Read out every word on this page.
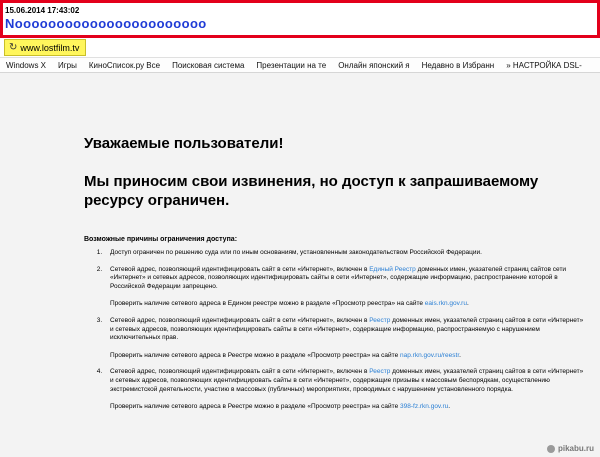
15.06.2014 17:43:02
Nooooooooooooooooooooooo
↻ www.lostfilm.tv
Windows X	Игры	КиноСписок.ру Все	Поисковая система	Презентации на те	Онлайн японский я	Недавно в Избранн	» НАСТРОЙКА DSL-

Уважаемые пользователи!

Мы приносим свои извинения, но доступ к запрашиваемому ресурсу ограничен.

Возможные причины ограничения доступа:

1. Доступ ограничен по решению суда или по иным основаниям, установленным законодательством Российской Федерации.
2. Сетевой адрес, позволяющий идентифицировать сайт в сети «Интернет», включен в Единый Реестр доменных имен, указателей страниц сайтов сети «Интернет» и сетевых адресов, позволяющих идентифицировать сайты в сети «Интернет», содержащие информацию, распространение которой в Российской Федерации запрещено.
Проверить наличие сетевого адреса в Едином реестре можно в разделе «Просмотр реестра» на сайте eais.rkn.gov.ru.
3. Сетевой адрес, позволяющий идентифицировать сайт в сети «Интернет», включен в Реестр доменных имен, указателей страниц сайтов в сети «Интернет» и сетевых адресов, позволяющих идентифицировать сайты в сети «Интернет», содержащие информацию, распространяемую с нарушением исключительных прав.
Проверить наличие сетевого адреса в Реестре можно в разделе «Просмотр реестра» на сайте nap.rkn.gov.ru/reestr.
4. Сетевой адрес, позволяющий идентифицировать сайт в сети «Интернет», включен в Реестр доменных имен, указателей страниц сайтов в сети «Интернет» и сетевых адресов, позволяющих идентифицировать сайты в сети «Интернет», содержащие призывы к массовым беспорядкам, осуществлению экстремистской деятельности, участию в массовых (публичных) мероприятиях, проводимых с нарушением установленного порядка.
Проверить наличие сетевого адреса в Реестре можно в разделе «Просмотр реестра» на сайте 398-fz.rkn.gov.ru.
pikabu.ru
